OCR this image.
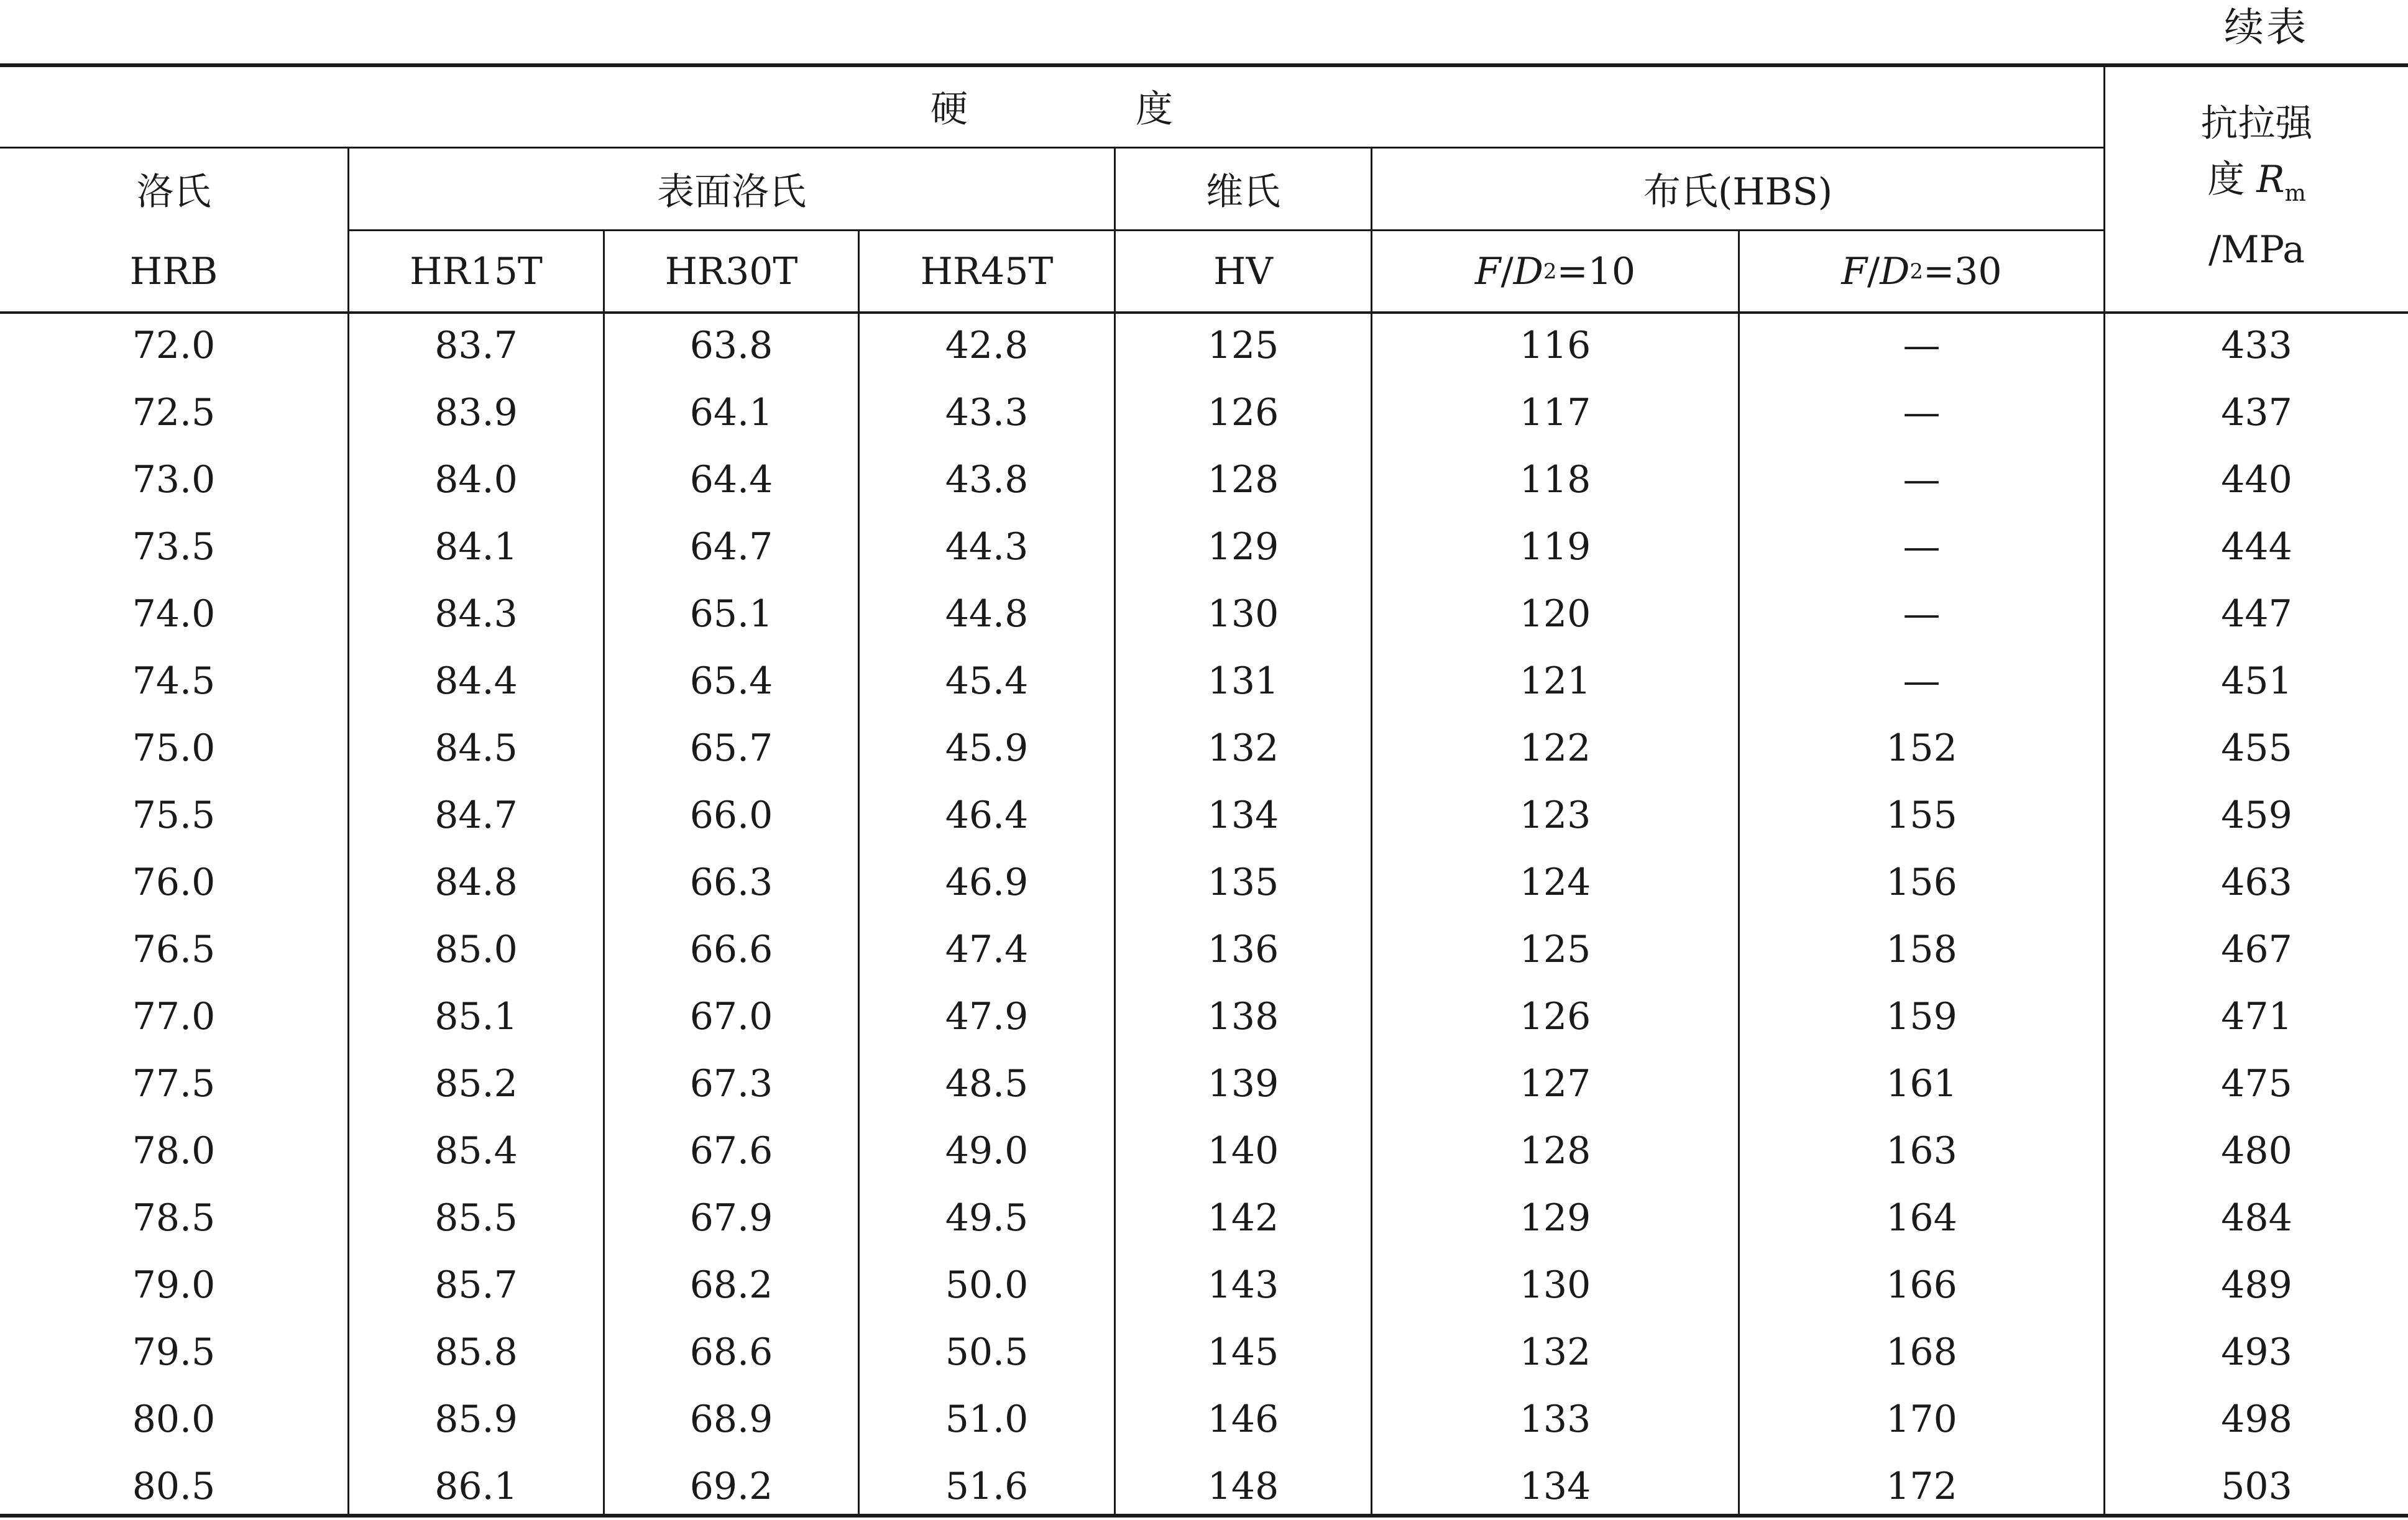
续表
硬	度	抗拉强
度 $R_m$
/MPa
洛氏	表面洛氏	维氏	布氏(HBS)
HRB	HR15T	HR30T	HR45T	HV	F / D 2 =10	F / D 2 =30
72.0	83.7	63.8	42.8	125	116	—	433
72.5	83.9	64.1	43.3	126	117	—	437
73.0	84.0	64.4	43.8	128	118	—	440
73.5	84.1	64.7	44.3	129	119	—	444
74.0	84.3	65.1	44.8	130	120	—	447
74.5	84.4	65.4	45.4	131	121	—	451
75.0	84.5	65.7	45.9	132	122	152	455
75.5	84.7	66.0	46.4	134	123	155	459
76.0	84.8	66.3	46.9	135	124	156	463
76.5	85.0	66.6	47.4	136	125	158	467
77.0	85.1	67.0	47.9	138	126	159	471
77.5	85.2	67.3	48.5	139	127	161	475
78.0	85.4	67.6	49.0	140	128	163	480
78.5	85.5	67.9	49.5	142	129	164	484
79.0	85.7	68.2	50.0	143	130	166	489
79.5	85.8	68.6	50.5	145	132	168	493
80.0	85.9	68.9	51.0	146	133	170	498
80.5	86.1	69.2	51.6	148	134	172	503
